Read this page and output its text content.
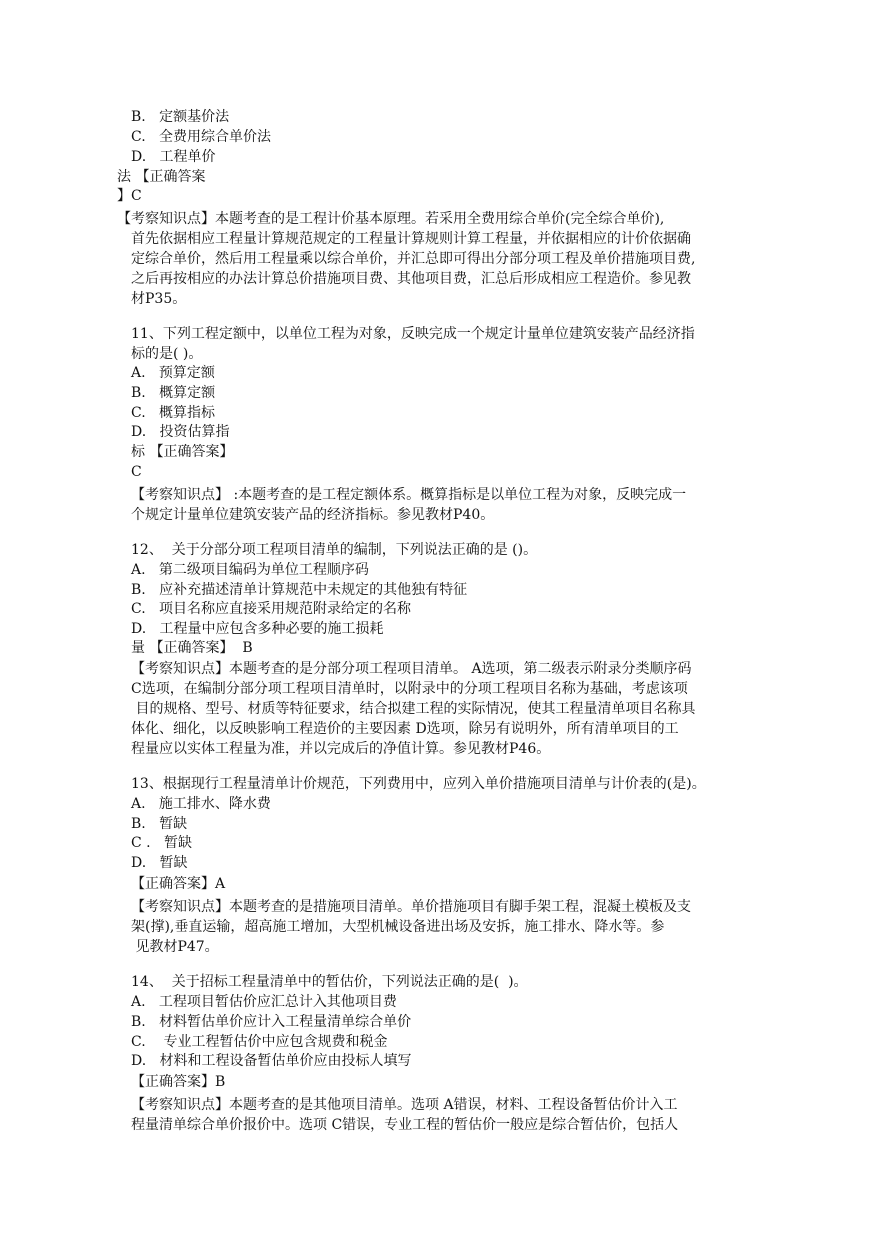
B.   定额基价法
C.   全费用综合单价法
D.   工程单价
法 【正确答案
】C
【考察知识点】本题考查的是工程计价基本原理。若采用全费用综合单价(完全综合单价),
首先依据相应工程量计算规范规定的工程量计算规则计算工程量，并依据相应的计价依据确
定综合单价，然后用工程量乘以综合单价，并汇总即可得出分部分项工程及单价措施项目费,
之后再按相应的办法计算总价措施项目费、其他项目费，汇总后形成相应工程造价。参见教
材P35。
11、下列工程定额中，以单位工程为对象，反映完成一个规定计量单位建筑安装产品经济指
标的是( )。
A.   预算定额
B.   概算定额
C.   概算指标
D.   投资估算指
标 【正确答案】
C
【考察知识点】 :本题考查的是工程定额体系。概算指标是以单位工程为对象，反映完成一
个规定计量单位建筑安装产品的经济指标。参见教材P40。
12、  关于分部分项工程项目清单的编制，下列说法正确的是 ()。
A.   第二级项目编码为单位工程顺序码
B.   应补充描述清单计算规范中未规定的其他独有特征
C.   项目名称应直接采用规范附录给定的名称
D.   工程量中应包含多种必要的施工损耗
量 【正确答案】  B
【考察知识点】本题考查的是分部分项工程项目清单。 A选项，第二级表示附录分类顺序码
C选项，在编制分部分项工程项目清单时，以附录中的分项工程项目名称为基础，考虑该项
目的规格、型号、材质等特征要求，结合拟建工程的实际情况，使其工程量清单项目名称具
体化、细化，以反映影响工程造价的主要因素 D选项，除另有说明外，所有清单项目的工
程量应以实体工程量为准，并以完成后的净值计算。参见教材P46。
13、根据现行工程量清单计价规范，下列费用中，应列入单价措施项目清单与计价表的(是)。
A.   施工排水、降水费
B.   暂缺
C .   暂缺
D.   暂缺
【正确答案】A
【考察知识点】本题考查的是措施项目清单。单价措施项目有脚手架工程，混凝土模板及支
架(撑),垂直运输，超高施工增加，大型机械设备进出场及安拆，施工排水、降水等。参
见教材P47。
14、  关于招标工程量清单中的暂估价，下列说法正确的是(  )。
A.   工程项目暂估价应汇总计入其他项目费
B.   材料暂估单价应计入工程量清单综合单价
C.    专业工程暂估价中应包含规费和税金
D.   材料和工程设备暂估单价应由投标人填写
【正确答案】B
【考察知识点】本题考查的是其他项目清单。选项 A错误，材料、工程设备暂估价计入工
程量清单综合单价报价中。选项 C错误，专业工程的暂估价一般应是综合暂估价，包括人
